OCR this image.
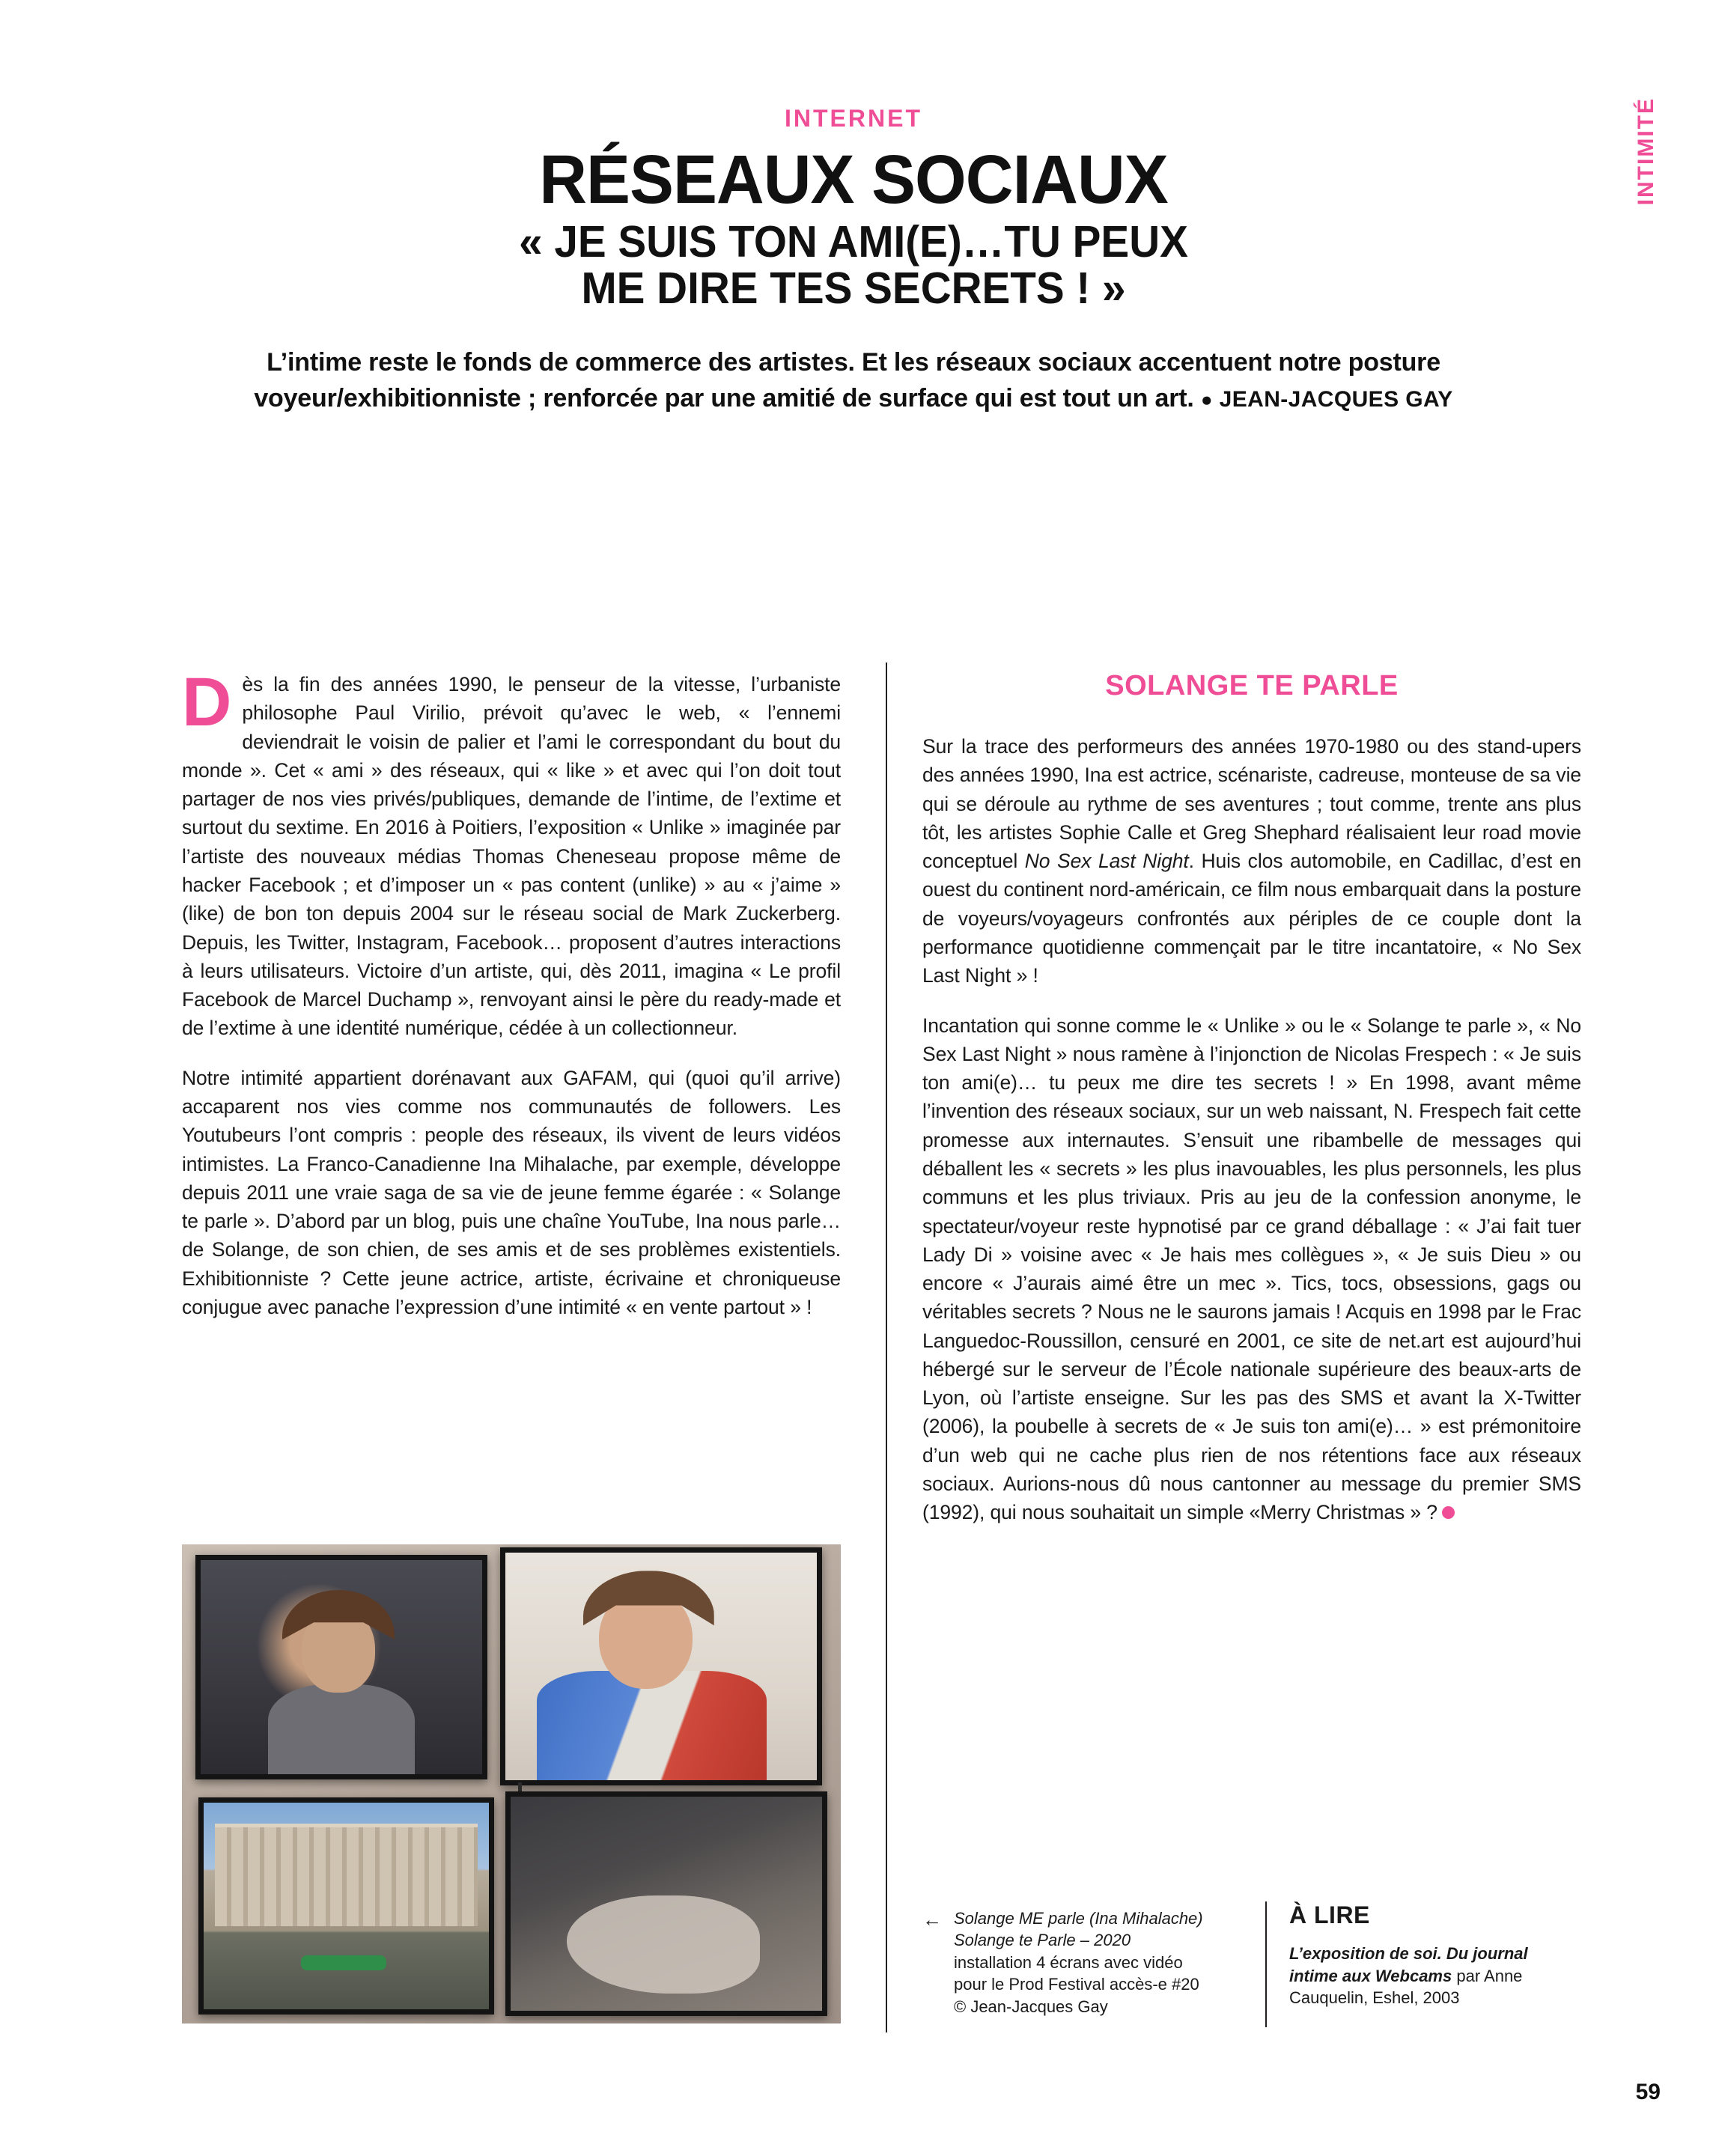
INTIMITÉ
INTERNET
RÉSEAUX SOCIAUX
« JE SUIS TON AMI(E)…TU PEUX
ME DIRE TES SECRETS ! »
L’intime reste le fonds de commerce des artistes. Et les réseaux sociaux accentuent notre posture voyeur/exhibitionniste ; renforcée par une amitié de surface qui est tout un art. ● JEAN-JACQUES GAY

Dès la fin des années 1990, le penseur de la vitesse, l’urbaniste philosophe Paul Virilio, prévoit qu’avec le web, « l’ennemi deviendrait le voisin de palier et l’ami le correspondant du bout du monde ». Cet « ami » des réseaux, qui « like » et avec qui l’on doit tout partager de nos vies privés/publiques, demande de l’intime, de l’extime et surtout du sextime. En 2016 à Poitiers, l’exposition « Unlike » imaginée par l’artiste des nouveaux médias Thomas Cheneseau propose même de hacker Facebook ; et d’imposer un « pas content (unlike) » au « j’aime » (like) de bon ton depuis 2004 sur le réseau social de Mark Zuckerberg. Depuis, les Twitter, Instagram, Facebook… proposent d’autres interactions à leurs utilisateurs. Victoire d’un artiste, qui, dès 2011, imagina « Le profil Facebook de Marcel Duchamp », renvoyant ainsi le père du ready-made et de l’extime à une identité numérique, cédée à un collectionneur.

Notre intimité appartient dorénavant aux GAFAM, qui (quoi qu’il arrive) accaparent nos vies comme nos communautés de followers. Les Youtubeurs l’ont compris : people des réseaux, ils vivent de leurs vidéos intimistes. La Franco-Canadienne Ina Mihalache, par exemple, développe depuis 2011 une vraie saga de sa vie de jeune femme égarée : « Solange te parle ». D’abord par un blog, puis une chaîne YouTube, Ina nous parle… de Solange, de son chien, de ses amis et de ses problèmes existentiels. Exhibitionniste ? Cette jeune actrice, artiste, écrivaine et chroniqueuse conjugue avec panache l’expression d’une intimité « en vente partout » !

SOLANGE TE PARLE

Sur la trace des performeurs des années 1970-1980 ou des stand-upers des années 1990, Ina est actrice, scénariste, cadreuse, monteuse de sa vie qui se déroule au rythme de ses aventures ; tout comme, trente ans plus tôt, les artistes Sophie Calle et Greg Shephard réalisaient leur road movie conceptuel No Sex Last Night. Huis clos automobile, en Cadillac, d’est en ouest du continent nord-américain, ce film nous embarquait dans la posture de voyeurs/voyageurs confrontés aux périples de ce couple dont la performance quotidienne commençait par le titre incantatoire, « No Sex Last Night » !

Incantation qui sonne comme le « Unlike » ou le « Solange te parle », « No Sex Last Night » nous ramène à l’injonction de Nicolas Frespech : « Je suis ton ami(e)… tu peux me dire tes secrets ! » En 1998, avant même l’invention des réseaux sociaux, sur un web naissant, N. Frespech fait cette promesse aux internautes. S’ensuit une ribambelle de messages qui déballent les « secrets » les plus inavouables, les plus personnels, les plus communs et les plus triviaux. Pris au jeu de la confession anonyme, le spectateur/voyeur reste hypnotisé par ce grand déballage : « J’ai fait tuer Lady Di » voisine avec « Je hais mes collègues », « Je suis Dieu » ou encore « J’aurais aimé être un mec ». Tics, tocs, obsessions, gags ou véritables secrets ? Nous ne le saurons jamais ! Acquis en 1998 par le Frac Languedoc-Roussillon, censuré en 2001, ce site de net.art est aujourd’hui hébergé sur le serveur de l’École nationale supérieure des beaux-arts de Lyon, où l’artiste enseigne. Sur les pas des SMS et avant la X-Twitter (2006), la poubelle à secrets de « Je suis ton ami(e)… » est prémonitoire d’un web qui ne cache plus rien de nos rétentions face aux réseaux sociaux. Aurions-nous dû nous cantonner au message du premier SMS (1992), qui nous souhaitait un simple «Merry Christmas » ?

← Solange ME parle (Ina Mihalache)
Solange te Parle – 2020
installation 4 écrans avec vidéo
pour le Prod Festival accès-e #20
© Jean-Jacques Gay
À LIRE
L’exposition de soi. Du journal intime aux Webcams par Anne Cauquelin, Eshel, 2003
59
